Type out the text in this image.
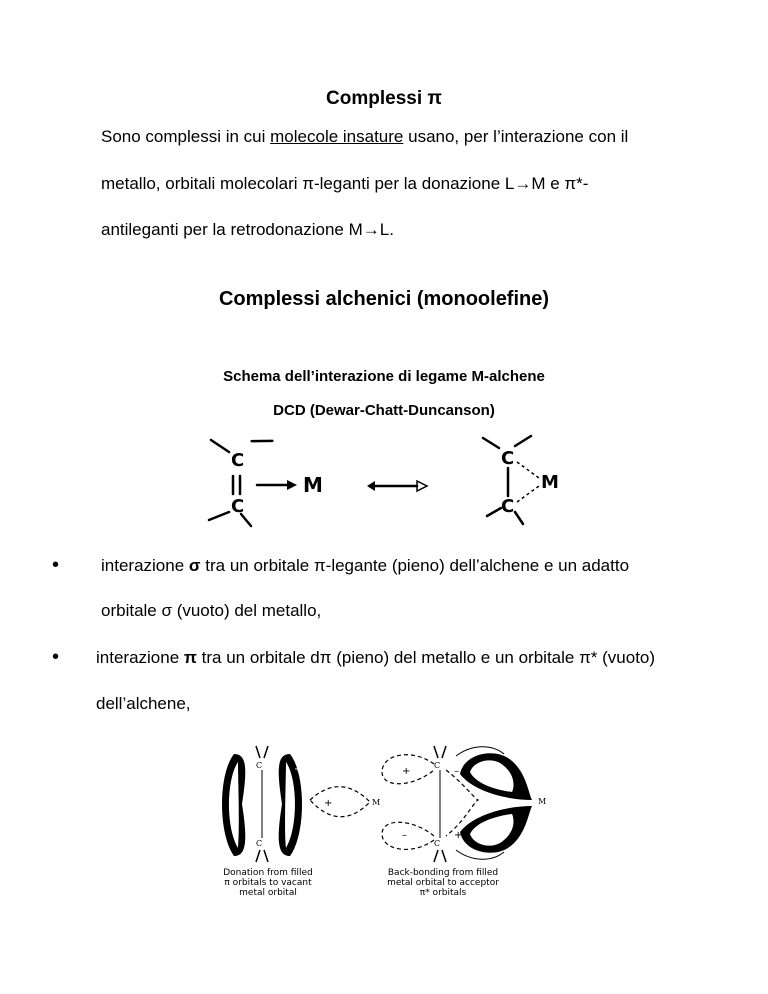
Complessi π
Sono complessi in cui molecole insature usano, per l’interazione con il
metallo, orbitali molecolari π-leganti per la donazione L→M e π*-
antileganti per la retrodonazione M→L.
Complessi alchenici (monoolefine)
Schema dell’interazione di legame M-alchene
DCD (Dewar-Chatt-Duncanson)
C
C
M
C
C
M
• interazione σ tra un orbitale π-legante (pieno) dell’alchene e un adatto
orbitale σ (vuoto) del metallo,
• interazione π tra un orbitale dπ (pieno) del metallo e un orbitale π* (vuoto)
dell’alchene,
C
C
M
+
+	C
C
M
+
–
–
+
Donation from filled
π orbitals to vacant
metal orbital
Back-bonding from filled
metal orbital to acceptor
π* orbitals
